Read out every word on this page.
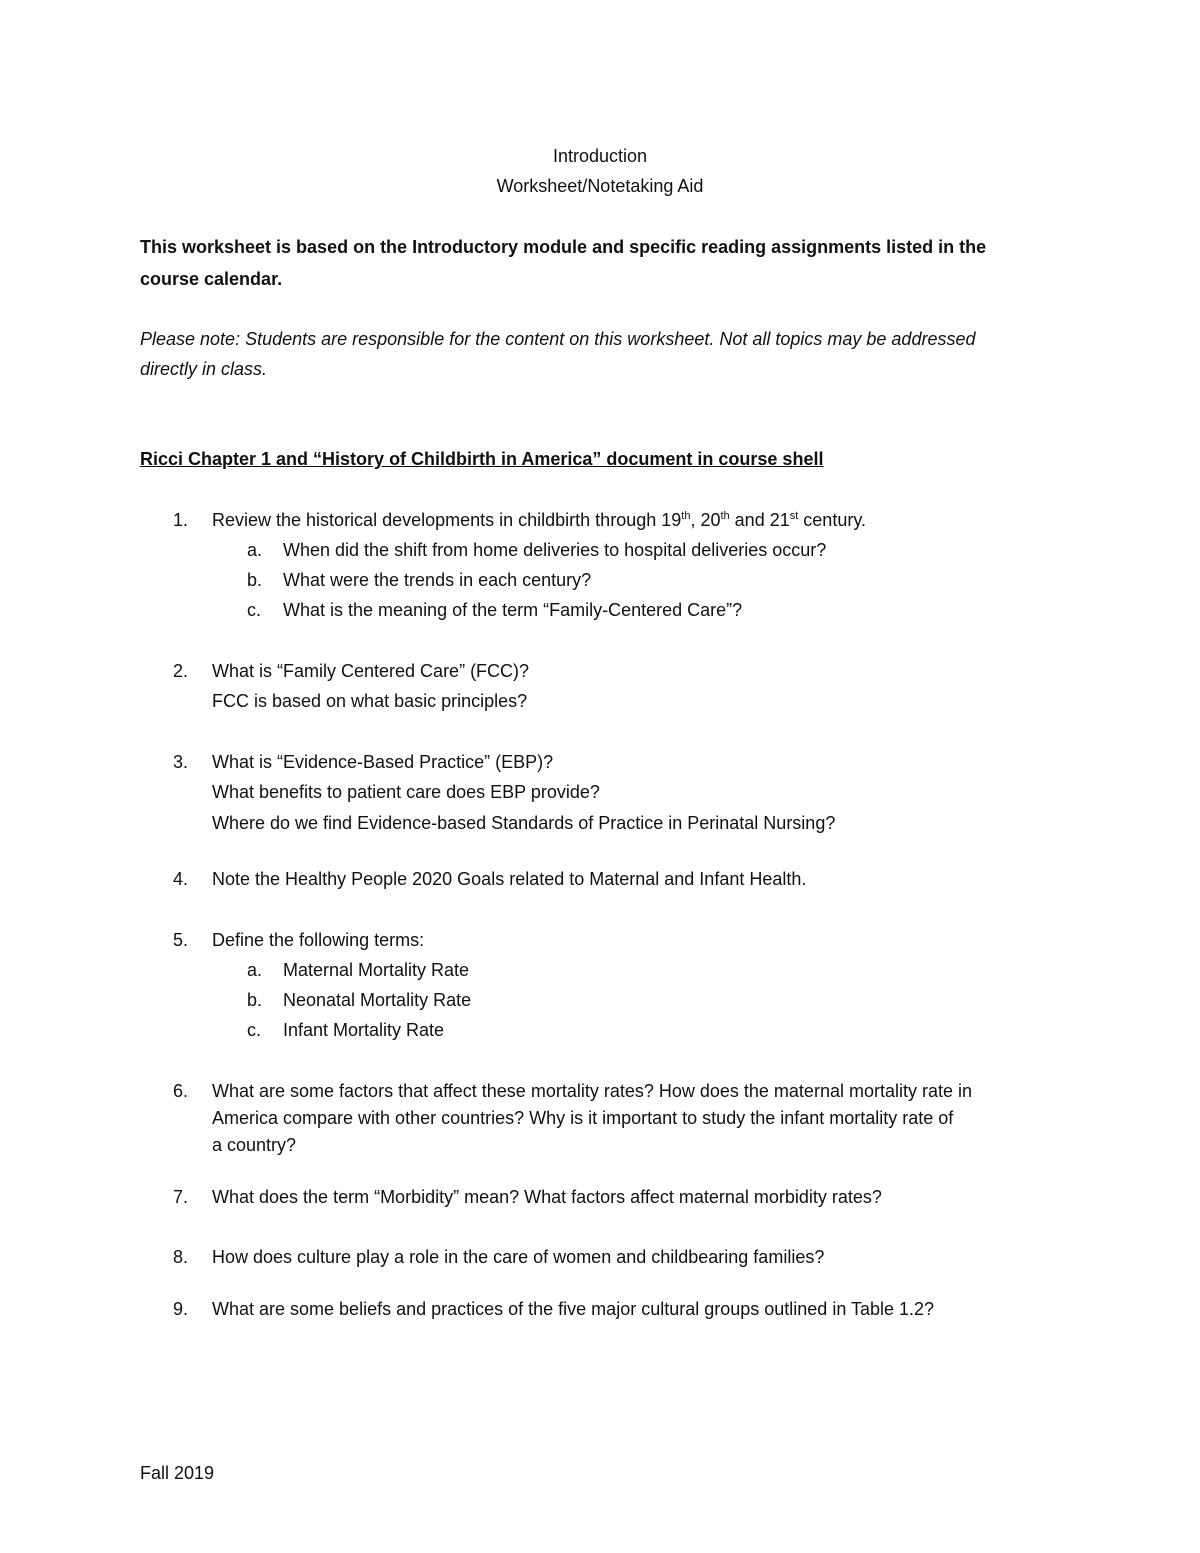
Introduction
Worksheet/Notetaking Aid
This worksheet is based on the Introductory module and specific reading assignments listed in the
course calendar.
Please note: Students are responsible for the content on this worksheet. Not all topics may be addressed
directly in class.
Ricci Chapter 1 and “History of Childbirth in America” document in course shell
1. Review the historical developments in childbirth through 19th, 20th and 21st century.
a. When did the shift from home deliveries to hospital deliveries occur?
b. What were the trends in each century?
c. What is the meaning of the term “Family-Centered Care”?
2. What is “Family Centered Care” (FCC)?
FCC is based on what basic principles?
3. What is “Evidence-Based Practice” (EBP)?
What benefits to patient care does EBP provide?
Where do we find Evidence-based Standards of Practice in Perinatal Nursing?
4. Note the Healthy People 2020 Goals related to Maternal and Infant Health.
5. Define the following terms:
a. Maternal Mortality Rate
b. Neonatal Mortality Rate
c. Infant Mortality Rate
6. What are some factors that affect these mortality rates? How does the maternal mortality rate in
America compare with other countries? Why is it important to study the infant mortality rate of
a country?
7. What does the term “Morbidity” mean? What factors affect maternal morbidity rates?
8. How does culture play a role in the care of women and childbearing families?
9. What are some beliefs and practices of the five major cultural groups outlined in Table 1.2?
Fall 2019
